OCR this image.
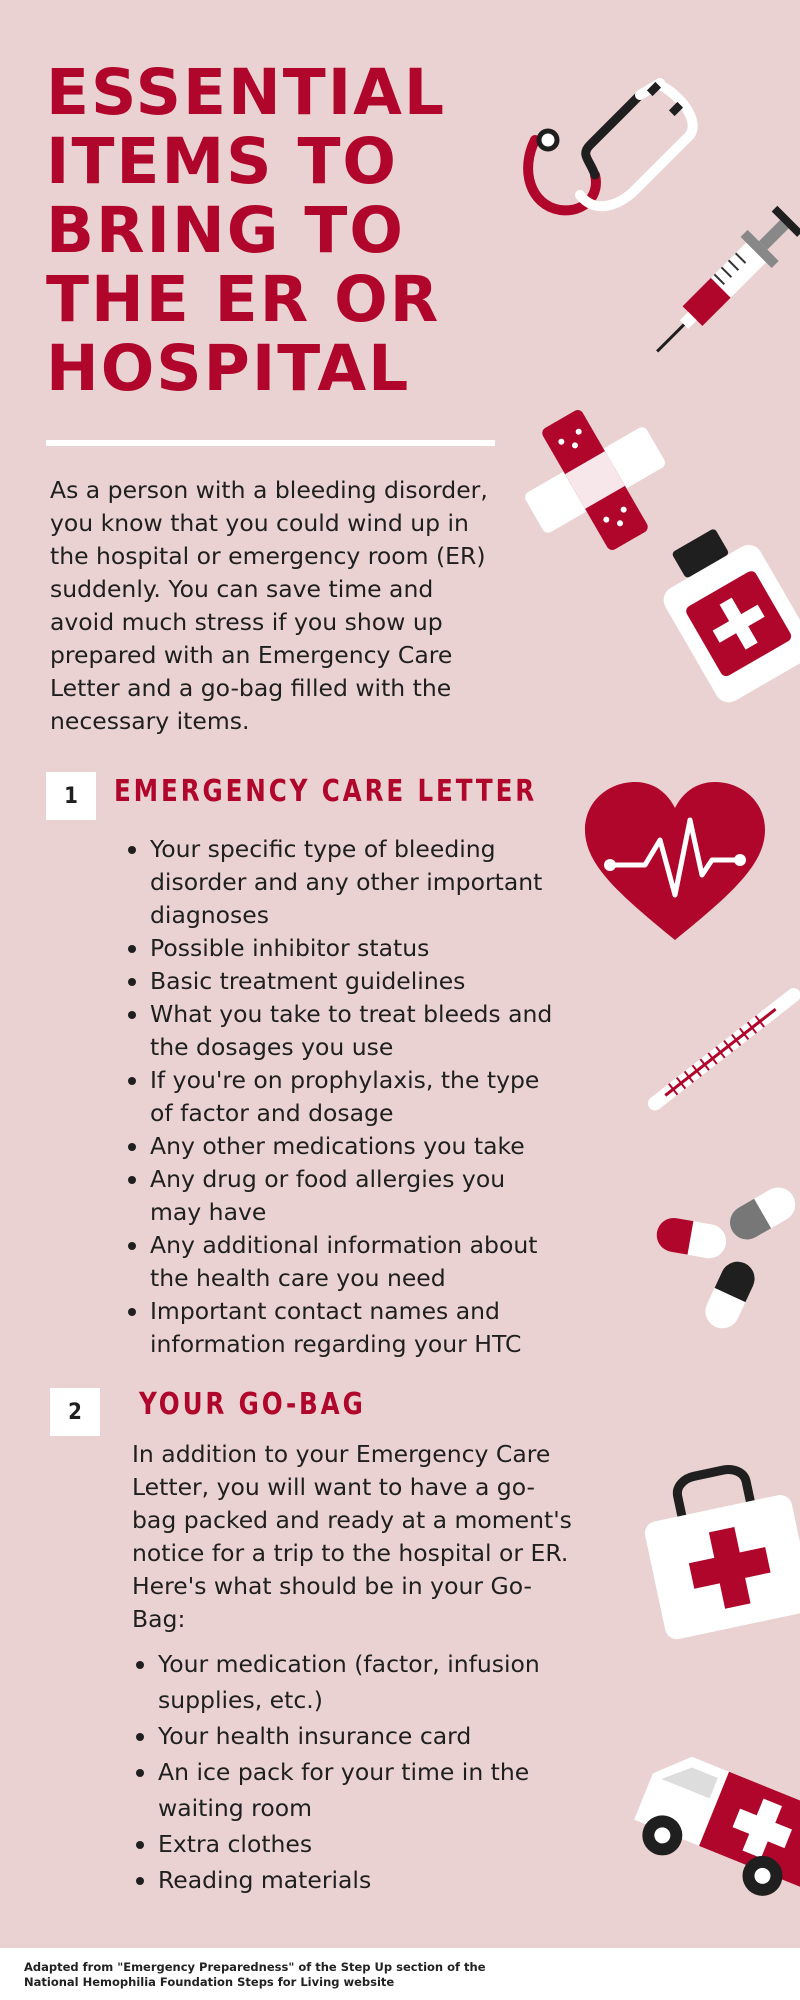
ESSENTIAL
ITEMS TO
BRING TO
THE ER OR
HOSPITAL

As a person with a bleeding disorder, you know that you could wind up in the hospital or emergency room (ER) suddenly. You can save time and avoid much stress if you show up prepared with an Emergency Care Letter and a go-bag filled with the necessary items.

1	EMERGENCY CARE LETTER
Your specific type of bleeding disorder and any other important diagnoses
Possible inhibitor status
Basic treatment guidelines
What you take to treat bleeds and the dosages you use
If you're on prophylaxis, the type of factor and dosage
Any other medications you take
Any drug or food allergies you may have
Any additional information about the health care you need
Important contact names and information regarding your HTC
2	YOUR GO-BAG

In addition to your Emergency Care Letter, you will want to have a go-bag packed and ready at a moment's notice for a trip to the hospital or ER. Here's what should be in your Go-Bag:

Your medication (factor, infusion supplies, etc.)
Your health insurance card
An ice pack for your time in the waiting room
Extra clothes
Reading materials
Adapted from "Emergency Preparedness" of the Step Up section of the
National Hemophilia Foundation Steps for Living website
